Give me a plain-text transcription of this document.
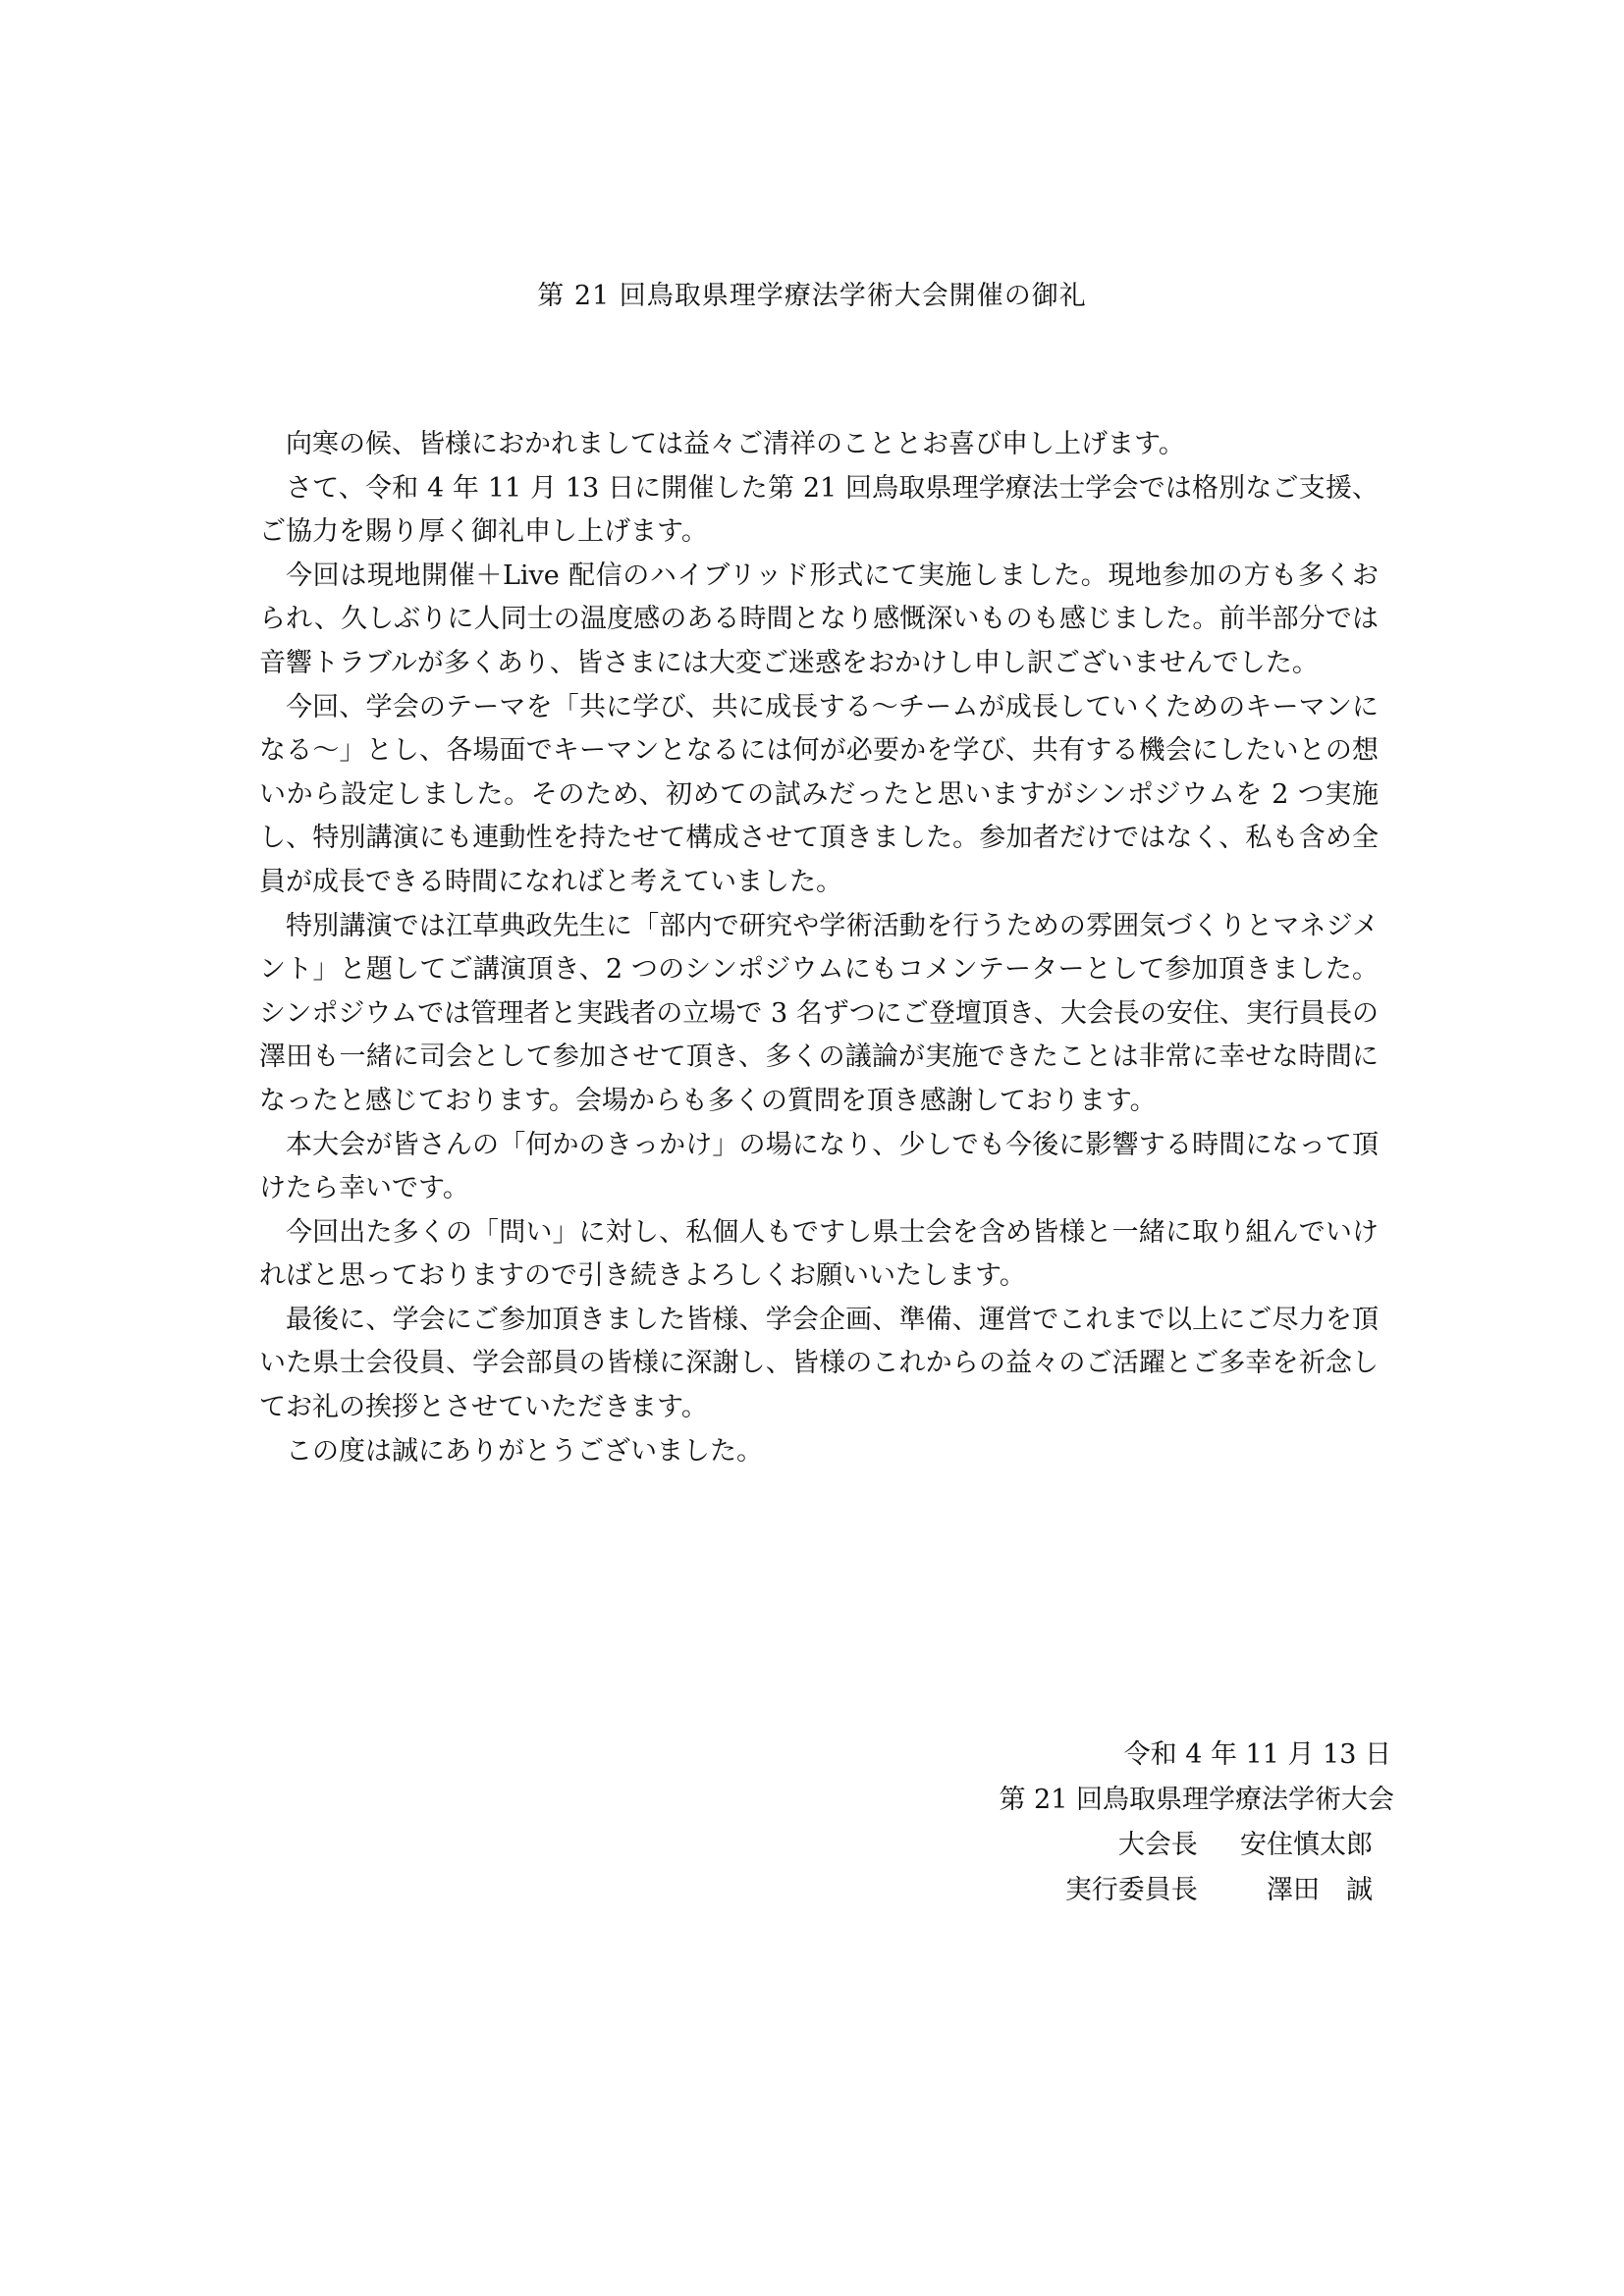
第 21 回鳥取県理学療法学術大会開催の御礼

向寒の候、皆様におかれましては益々ご清祥のこととお喜び申し上げます。

さて、令和 4 年 11 月 13 日に開催した第 21 回鳥取県理学療法士学会では格別なご支援、ご協力を賜り厚く御礼申し上げます。

今回は現地開催＋Live 配信のハイブリッド形式にて実施しました。現地参加の方も多くおられ、久しぶりに人同士の温度感のある時間となり感慨深いものも感じました。前半部分では音響トラブルが多くあり、皆さまには大変ご迷惑をおかけし申し訳ございませんでした。

今回、学会のテーマを「共に学び、共に成長する～チームが成長していくためのキーマンになる～」とし、各場面でキーマンとなるには何が必要かを学び、共有する機会にしたいとの想いから設定しました。そのため、初めての試みだったと思いますがシンポジウムを 2 つ実施し、特別講演にも連動性を持たせて構成させて頂きました。参加者だけではなく、私も含め全員が成長できる時間になればと考えていました。

特別講演では江草典政先生に「部内で研究や学術活動を行うための雰囲気づくりとマネジメント」と題してご講演頂き、2 つのシンポジウムにもコメンテーターとして参加頂きました。シンポジウムでは管理者と実践者の立場で 3 名ずつにご登壇頂き、大会長の安住、実行員長の澤田も一緒に司会として参加させて頂き、多くの議論が実施できたことは非常に幸せな時間になったと感じております。会場からも多くの質問を頂き感謝しております。

本大会が皆さんの「何かのきっかけ」の場になり、少しでも今後に影響する時間になって頂けたら幸いです。

今回出た多くの「問い」に対し、私個人もですし県士会を含め皆様と一緒に取り組んでいければと思っておりますので引き続きよろしくお願いいたします。

最後に、学会にご参加頂きました皆様、学会企画、準備、運営でこれまで以上にご尽力を頂いた県士会役員、学会部員の皆様に深謝し、皆様のこれからの益々のご活躍とご多幸を祈念してお礼の挨拶とさせていただきます。

この度は誠にありがとうございました。

令和 4 年 11 月 13 日
第 21 回鳥取県理学療法学術大会
大会長 安住慎太郎
実行委員長	澤田　誠
